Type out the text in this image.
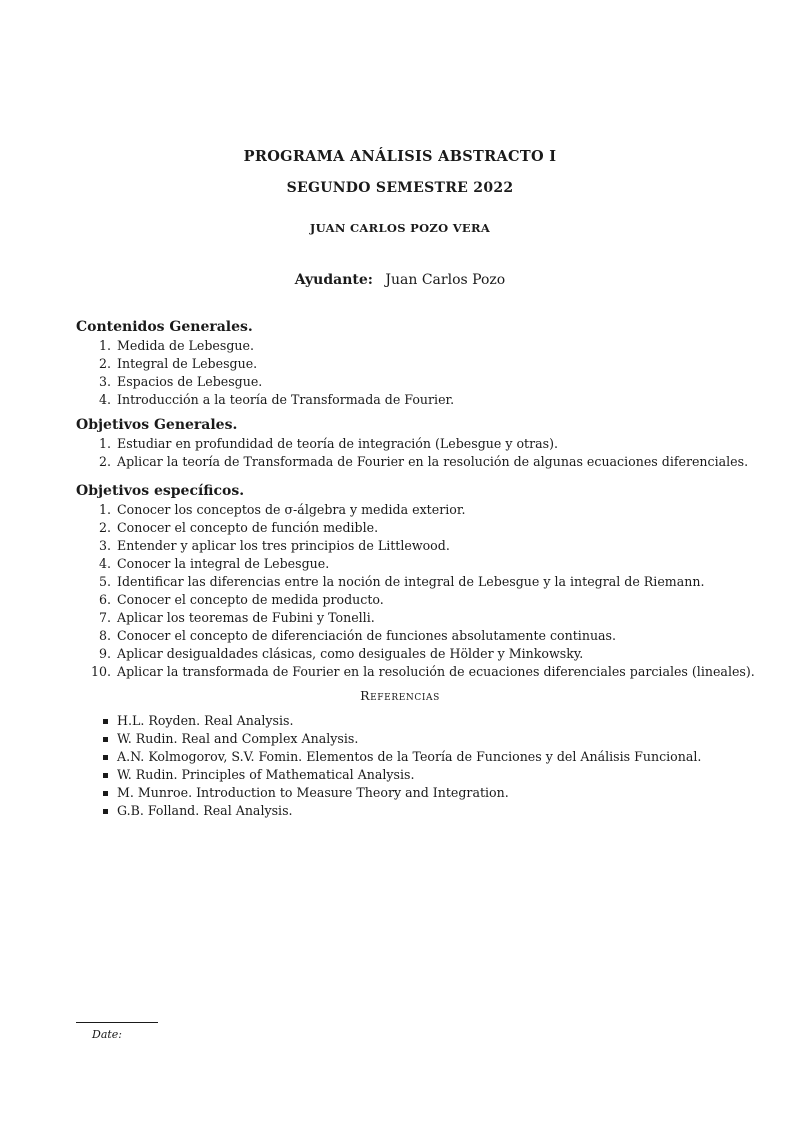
PROGRAMA ANÁLISIS ABSTRACTO I
SEGUNDO SEMESTRE 2022
JUAN CARLOS POZO VERA
Ayudante: Juan Carlos Pozo
Contenidos Generales.
1. Medida de Lebesgue.
2. Integral de Lebesgue.
3. Espacios de Lebesgue.
4. Introducción a la teoría de Transformada de Fourier.
Objetivos Generales.
1. Estudiar en profundidad de teoría de integración (Lebesgue y otras).
2. Aplicar la teoría de Transformada de Fourier en la resolución de algunas ecuaciones diferenciales.
Objetivos específicos.
1. Conocer los conceptos de σ-álgebra y medida exterior.
2. Conocer el concepto de función medible.
3. Entender y aplicar los tres principios de Littlewood.
4. Conocer la integral de Lebesgue.
5. Identificar las diferencias entre la noción de integral de Lebesgue y la integral de Riemann.
6. Conocer el concepto de medida producto.
7. Aplicar los teoremas de Fubini y Tonelli.
8. Conocer el concepto de diferenciación de funciones absolutamente continuas.
9. Aplicar desigualdades clásicas, como desiguales de Hölder y Minkowsky.
10. Aplicar la transformada de Fourier en la resolución de ecuaciones diferenciales parciales (lineales).
Referencias
H.L. Royden. Real Analysis.
W. Rudin. Real and Complex Analysis.
A.N. Kolmogorov, S.V. Fomin. Elementos de la Teoría de Funciones y del Análisis Funcional.
W. Rudin. Principles of Mathematical Analysis.
M. Munroe. Introduction to Measure Theory and Integration.
G.B. Folland. Real Analysis.
Date:
